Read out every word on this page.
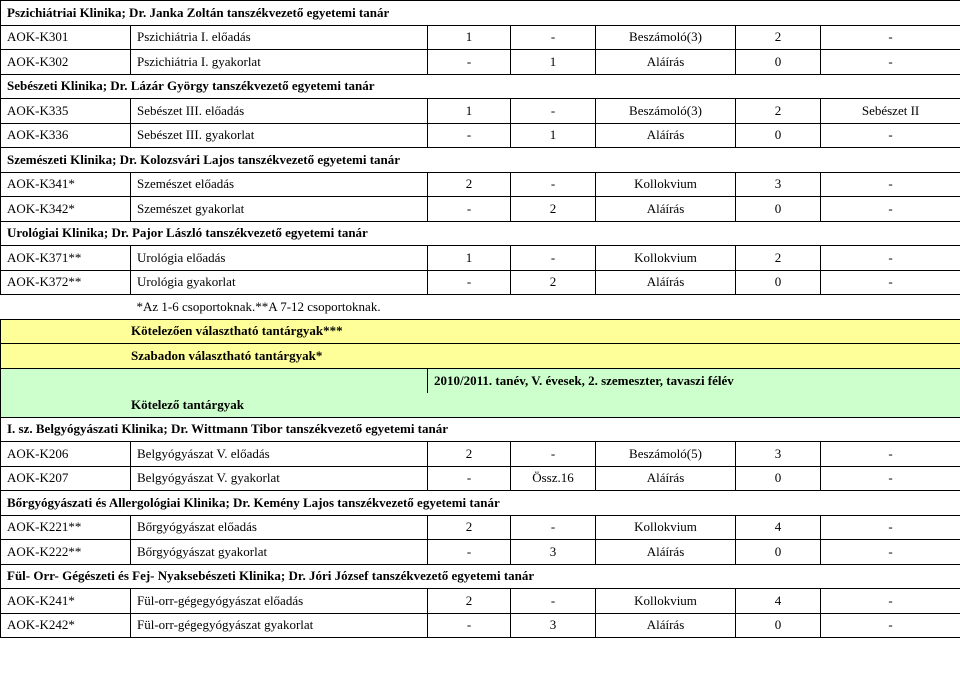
Pszichiátriai Klinika; Dr. Janka Zoltán tanszékvezető egyetemi tanár						
AOK-K301	Pszichiátria I. előadás	1	-	Beszámoló(3)	2	-
AOK-K302	Pszichiátria I. gyakorlat	-	1	Aláírás	0	-
Sebészeti Klinika; Dr. Lázár György tanszékvezető egyetemi tanár						
AOK-K335	Sebészet III. előadás	1	-	Beszámoló(3)	2	Sebészet II
AOK-K336	Sebészet III. gyakorlat	-	1	Aláírás	0	-
Szemészeti Klinika; Dr. Kolozsvári Lajos tanszékvezető egyetemi tanár						
AOK-K341*	Szemészet előadás	2	-	Kollokvium	3	-
AOK-K342*	Szemészet gyakorlat	-	2	Aláírás	0	-
Urológiai Klinika; Dr. Pajor László tanszékvezető egyetemi tanár						
AOK-K371**	Urológia előadás	1	-	Kollokvium	2	-
AOK-K372**	Urológia gyakorlat	-	2	Aláírás	0	-
	*Az 1-6 csoportoknak.**A 7-12 csoportoknak.					
Kötelezően választható tantárgyak***						
Szabadon választható tantárgyak*						
		2010/2011. tanév, V. évesek, 2. szemeszter, tavaszi félév				
Kötelező tantárgyak						
I. sz. Belgyógyászati Klinika; Dr. Wittmann Tibor tanszékvezető egyetemi tanár						
AOK-K206	Belgyógyászat V. előadás	2	-	Beszámoló(5)	3	-
AOK-K207	Belgyógyászat V. gyakorlat	-	Össz.16	Aláírás	0	-
Bőrgyógyászati és Allergológiai Klinika; Dr. Kemény Lajos tanszékvezető egyetemi tanár						
AOK-K221**	Bőrgyógyászat előadás	2	-	Kollokvium	4	-
AOK-K222**	Bőrgyógyászat gyakorlat	-	3	Aláírás	0	-
Fül- Orr- Gégészeti és Fej- Nyaksebészeti Klinika; Dr. Jóri József tanszékvezető egyetemi tanár						
AOK-K241*	Fül-orr-gégegyógyászat előadás	2	-	Kollokvium	4	-
AOK-K242*	Fül-orr-gégegyógyászat gyakorlat	-	3	Aláírás	0	-
